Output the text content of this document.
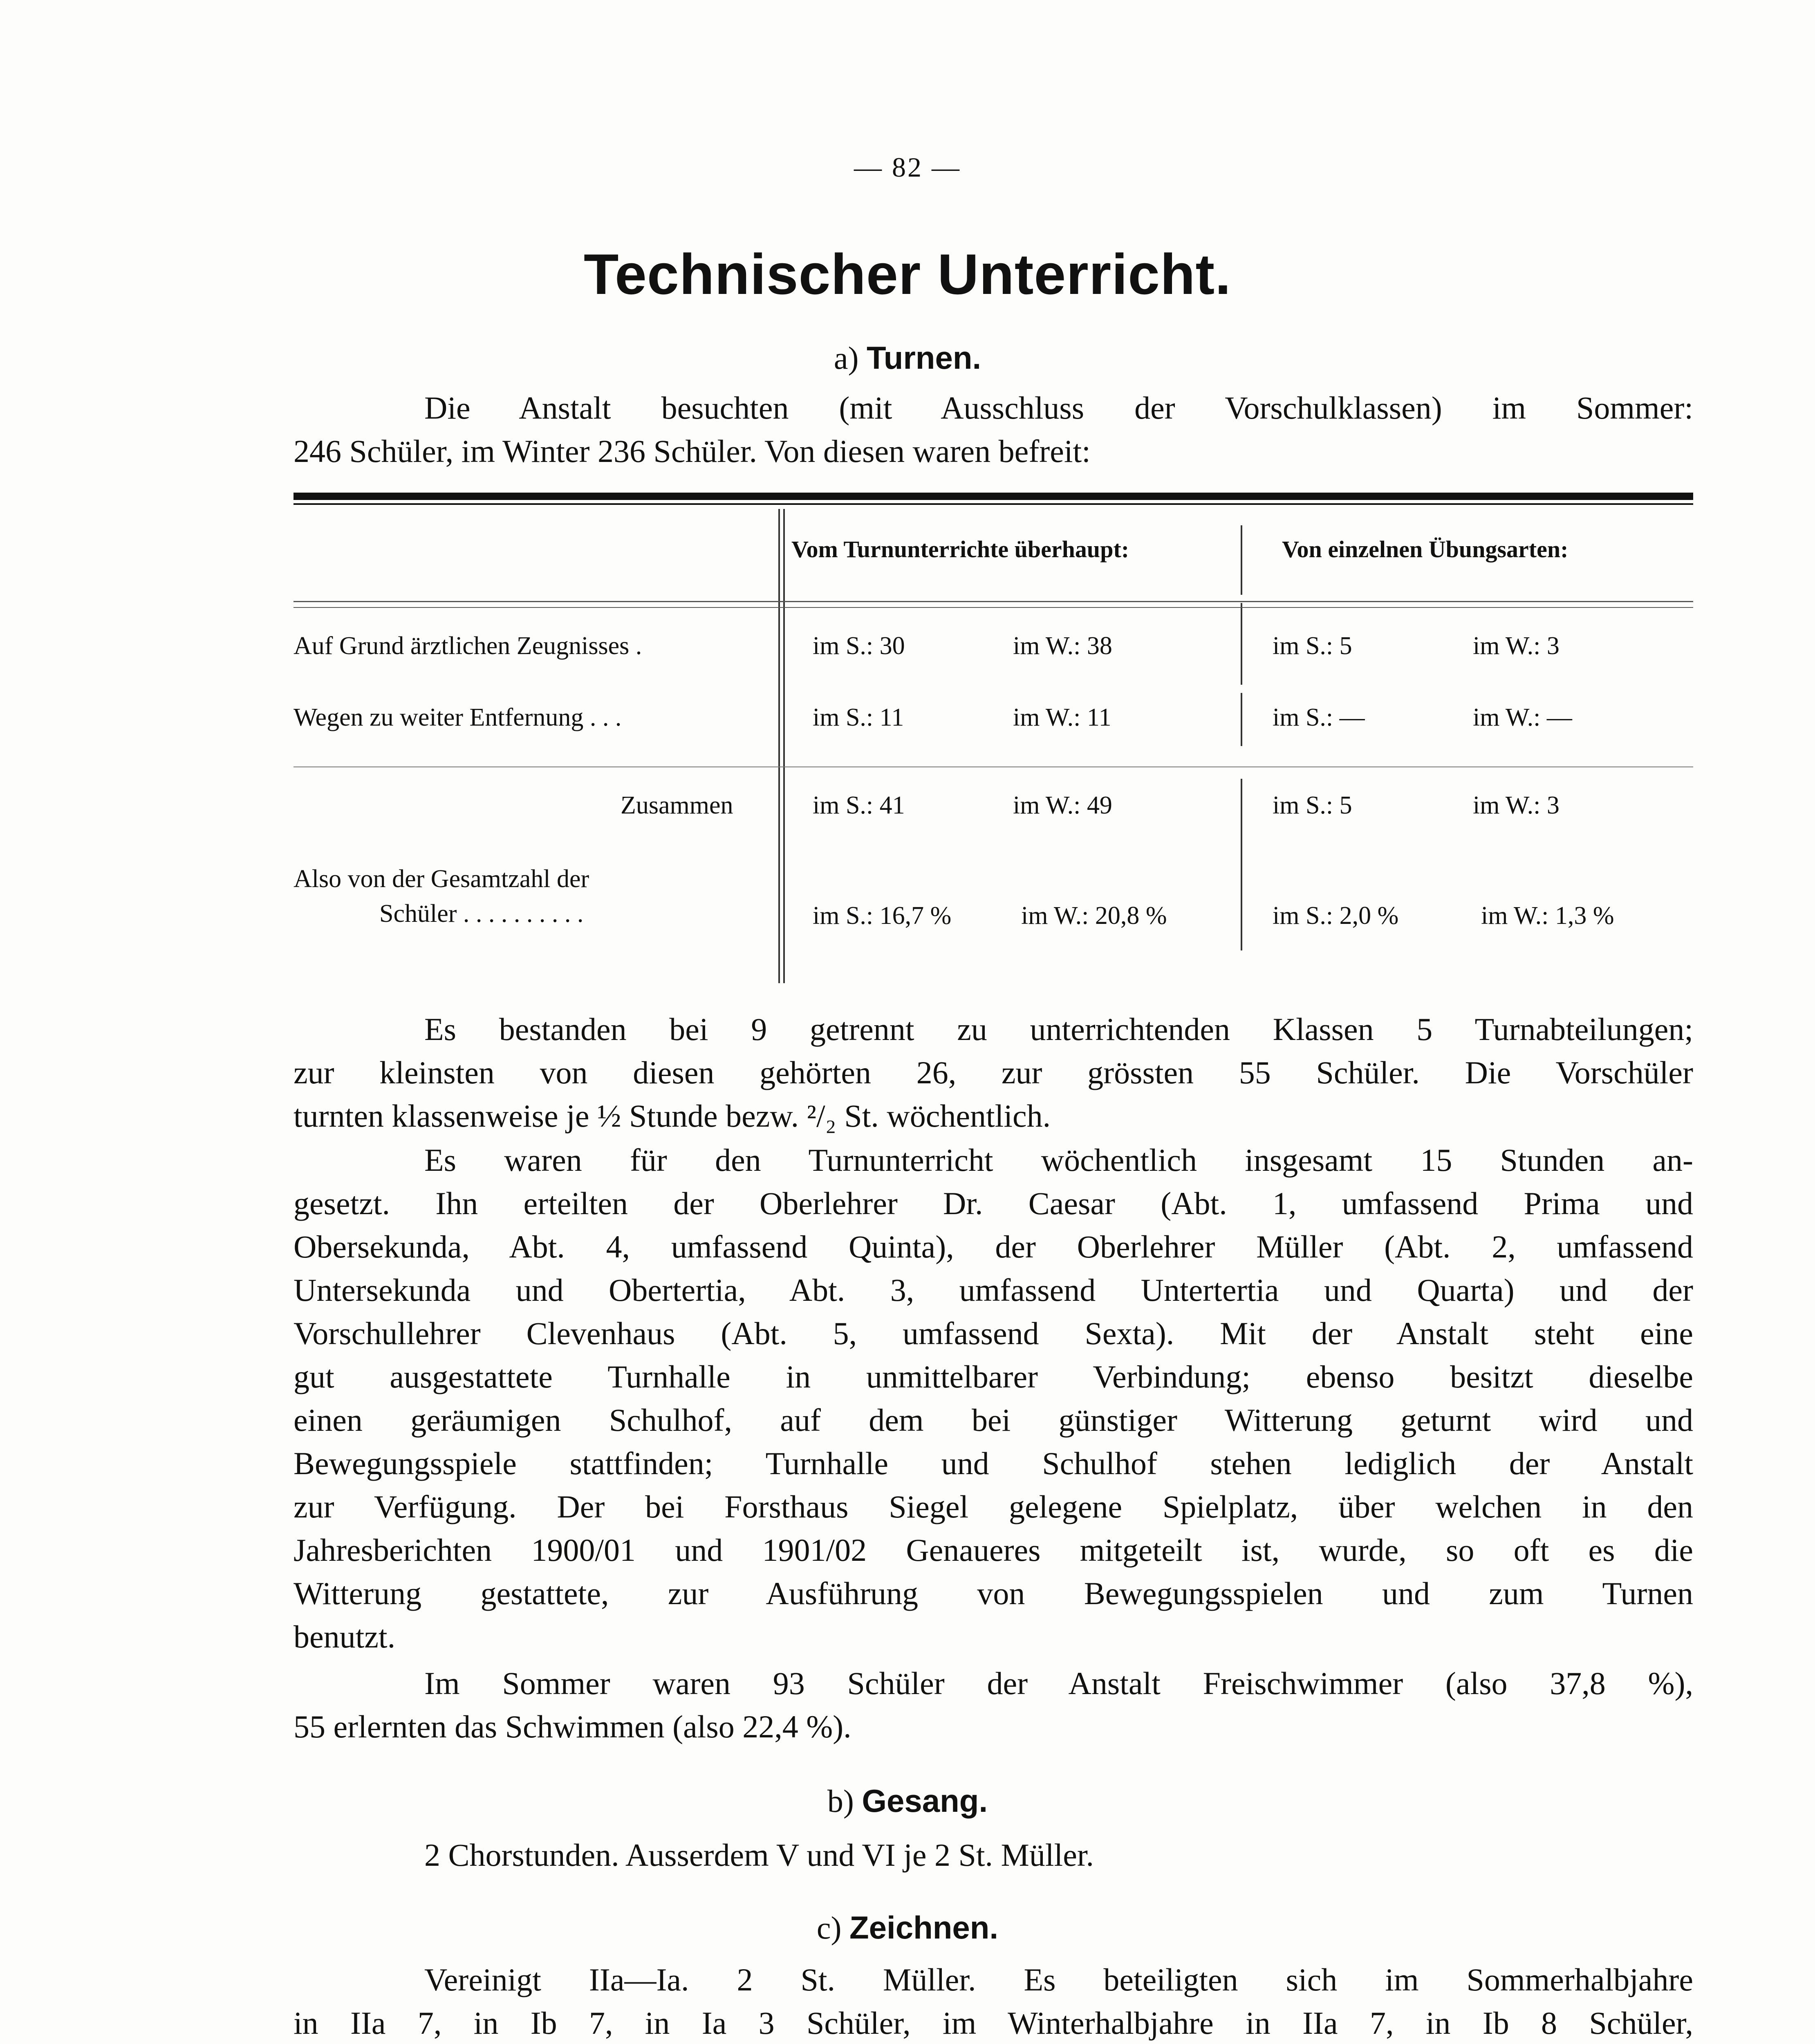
— 82 —
Technischer Unterricht.
a) Turnen.
Die Anstalt besuchten (mit Ausschluss der Vorschulklassen) im Sommer:
246 Schüler, im Winter 236 Schüler. Von diesen waren befreit:
Vom Turnunterrichte überhaupt:	Von einzelnen Übungsarten:
Auf Grund ärztlichen Zeugnisses .	im S.: 30	im W.: 38	im S.: 5	im W.: 3
Wegen zu weiter Entfernung . . .	im S.: 11	im W.: 11	im S.: —	im W.: —
Zusammen	im S.: 41	im W.: 49	im S.: 5	im W.: 3
Also von der Gesamtzahl der
Schüler . . . . . . . . . .	im S.: 16,7 %	im W.: 20,8 %	im S.: 2,0 %	im W.: 1,3 %
Es bestanden bei 9 getrennt zu unterrichtenden Klassen 5 Turnabteilungen;
zur kleinsten von diesen gehörten 26, zur grössten 55 Schüler. Die Vorschüler
turnten klassenweise je ½ Stunde bezw. ²/₂ St. wöchentlich.
Es waren für den Turnunterricht wöchentlich insgesamt 15 Stunden an-
gesetzt. Ihn erteilten der Oberlehrer Dr. Caesar (Abt. 1, umfassend Prima und
Obersekunda, Abt. 4, umfassend Quinta), der Oberlehrer Müller (Abt. 2, umfassend
Untersekunda und Obertertia, Abt. 3, umfassend Untertertia und Quarta) und der
Vorschullehrer Clevenhaus (Abt. 5, umfassend Sexta). Mit der Anstalt steht eine
gut ausgestattete Turnhalle in unmittelbarer Verbindung; ebenso besitzt dieselbe
einen geräumigen Schulhof, auf dem bei günstiger Witterung geturnt wird und
Bewegungsspiele stattfinden; Turnhalle und Schulhof stehen lediglich der Anstalt
zur Verfügung. Der bei Forsthaus Siegel gelegene Spielplatz, über welchen in den
Jahresberichten 1900/01 und 1901/02 Genaueres mitgeteilt ist, wurde, so oft es die
Witterung gestattete, zur Ausführung von Bewegungsspielen und zum Turnen
benutzt.
Im Sommer waren 93 Schüler der Anstalt Freischwimmer (also 37,8 %),
55 erlernten das Schwimmen (also 22,4 %).
b) Gesang.
2 Chorstunden. Ausserdem V und VI je 2 St. Müller.
c) Zeichnen.
Vereinigt IIa—Ia. 2 St. Müller. Es beteiligten sich im Sommerhalbjahre
in IIa 7, in Ib 7, in Ia 3 Schüler, im Winterhalbjahre in IIa 7, in Ib 8 Schüler,
